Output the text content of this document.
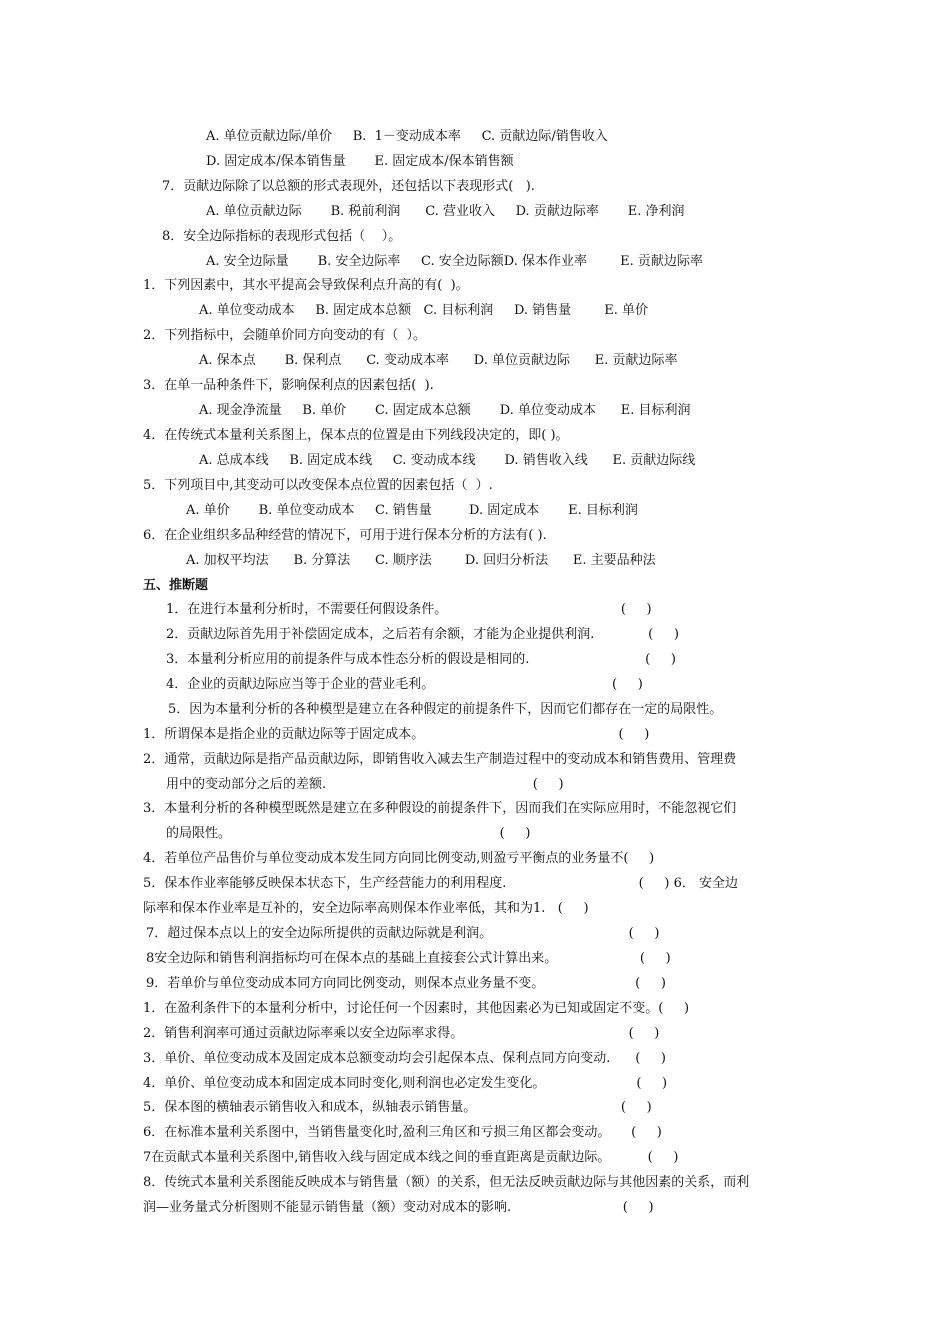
A. 单位贡献边际/单价     B.  1－变动成本率     C. 贡献边际/销售收入
D. 固定成本/保本销售量       E. 固定成本/保本销售额
7．贡献边际除了以总额的形式表现外，还包括以下表现形式(   ).
A. 单位贡献边际       B. 税前利润      C. 营业收入     D. 贡献边际率       E. 净利润
8．安全边际指标的表现形式包括（    ）。
A. 安全边际量       B. 安全边际率     C. 安全边际额D. 保本作业率        E. 贡献边际率
1．下列因素中，其水平提高会导致保利点升高的有(  )。
A. 单位变动成本     B. 固定成本总额   C. 目标利润     D. 销售量        E. 单价
2．下列指标中，会随单价同方向变动的有（  ）。
A. 保本点       B. 保利点      C. 变动成本率      D. 单位贡献边际      E. 贡献边际率
3．在单一品种条件下，影响保利点的因素包括(  ).
A. 现金净流量     B. 单价       C. 固定成本总额       D. 单位变动成本      E. 目标利润
4．在传统式本量利关系图上，保本点的位置是由下列线段决定的，即( )。
A. 总成本线     B. 固定成本线     C. 变动成本线       D. 销售收入线      E. 贡献边际线
5．下列项目中,其变动可以改变保本点位置的因素包括（  ）.
A. 单价       B. 单位变动成本     C. 销售量         D. 固定成本       E. 目标利润
6．在企业组织多品种经营的情况下，可用于进行保本分析的方法有( ).
A. 加权平均法      B. 分算法      C. 顺序法        D. 回归分析法      E. 主要品种法
五、推断题
1．在进行本量利分析时，不需要任何假设条件。                                          (     )
2．贡献边际首先用于补偿固定成本，之后若有余额，才能为企业提供利润.             (     )
3．本量利分析应用的前提条件与成本性态分析的假设是相同的.                            (     )
4．企业的贡献边际应当等于企业的营业毛利。                                           (     )
5．因为本量利分析的各种模型是建立在各种假定的前提条件下，因而它们都存在一定的局限性。
1．所谓保本是指企业的贡献边际等于固定成本。                                               (     )
2．通常，贡献边际是指产品贡献边际，即销售收入减去生产制造过程中的变动成本和销售费用、管理费
用中的变动部分之后的差额.                                                  (     )
3．本量利分析的各种模型既然是建立在多种假设的前提条件下，因而我们在实际应用时，不能忽视它们
的局限性。                                                                 (     )
4．若单位产品售价与单位变动成本发生同方向同比例变动,则盈亏平衡点的业务量不(     )
5．保本作业率能够反映保本状态下，生产经营能力的利用程度.                                (     ) 6． 安全边
际率和保本作业率是互补的，安全边际率高则保本作业率低，其和为1.   (     )
7．超过保本点以上的安全边际所提供的贡献边际就是利润。                                 (     )
8安全边际和销售利润指标均可在保本点的基础上直接套公式计算出来。                    (     )
9．若单价与单位变动成本同方向同比例变动，则保本点业务量不变。                      (     )
1．在盈利条件下的本量利分析中，讨论任何一个因素时，其他因素必为已知或固定不变。(     )
2．销售利润率可通过贡献边际率乘以安全边际率求得。                                        (     )
3．单价、单位变动成本及固定成本总额变动均会引起保本点、保利点同方向变动.      (     )
4．单价、单位变动成本和固定成本同时变化,则利润也必定发生变化。                      (     )
5．保本图的横轴表示销售收入和成本，纵轴表示销售量。                                   (     )
6．在标准本量利关系图中，当销售量变化时,盈利三角区和亏损三角区都会变动。     (     )
7在贡献式本量利关系图中,销售收入线与固定成本线之间的垂直距离是贡献边际。         (     )
8．传统式本量利关系图能反映成本与销售量（额）的关系，但无法反映贡献边际与其他因素的关系，而利
润—业务量式分析图则不能显示销售量（额）变动对成本的影响.                           (     )
